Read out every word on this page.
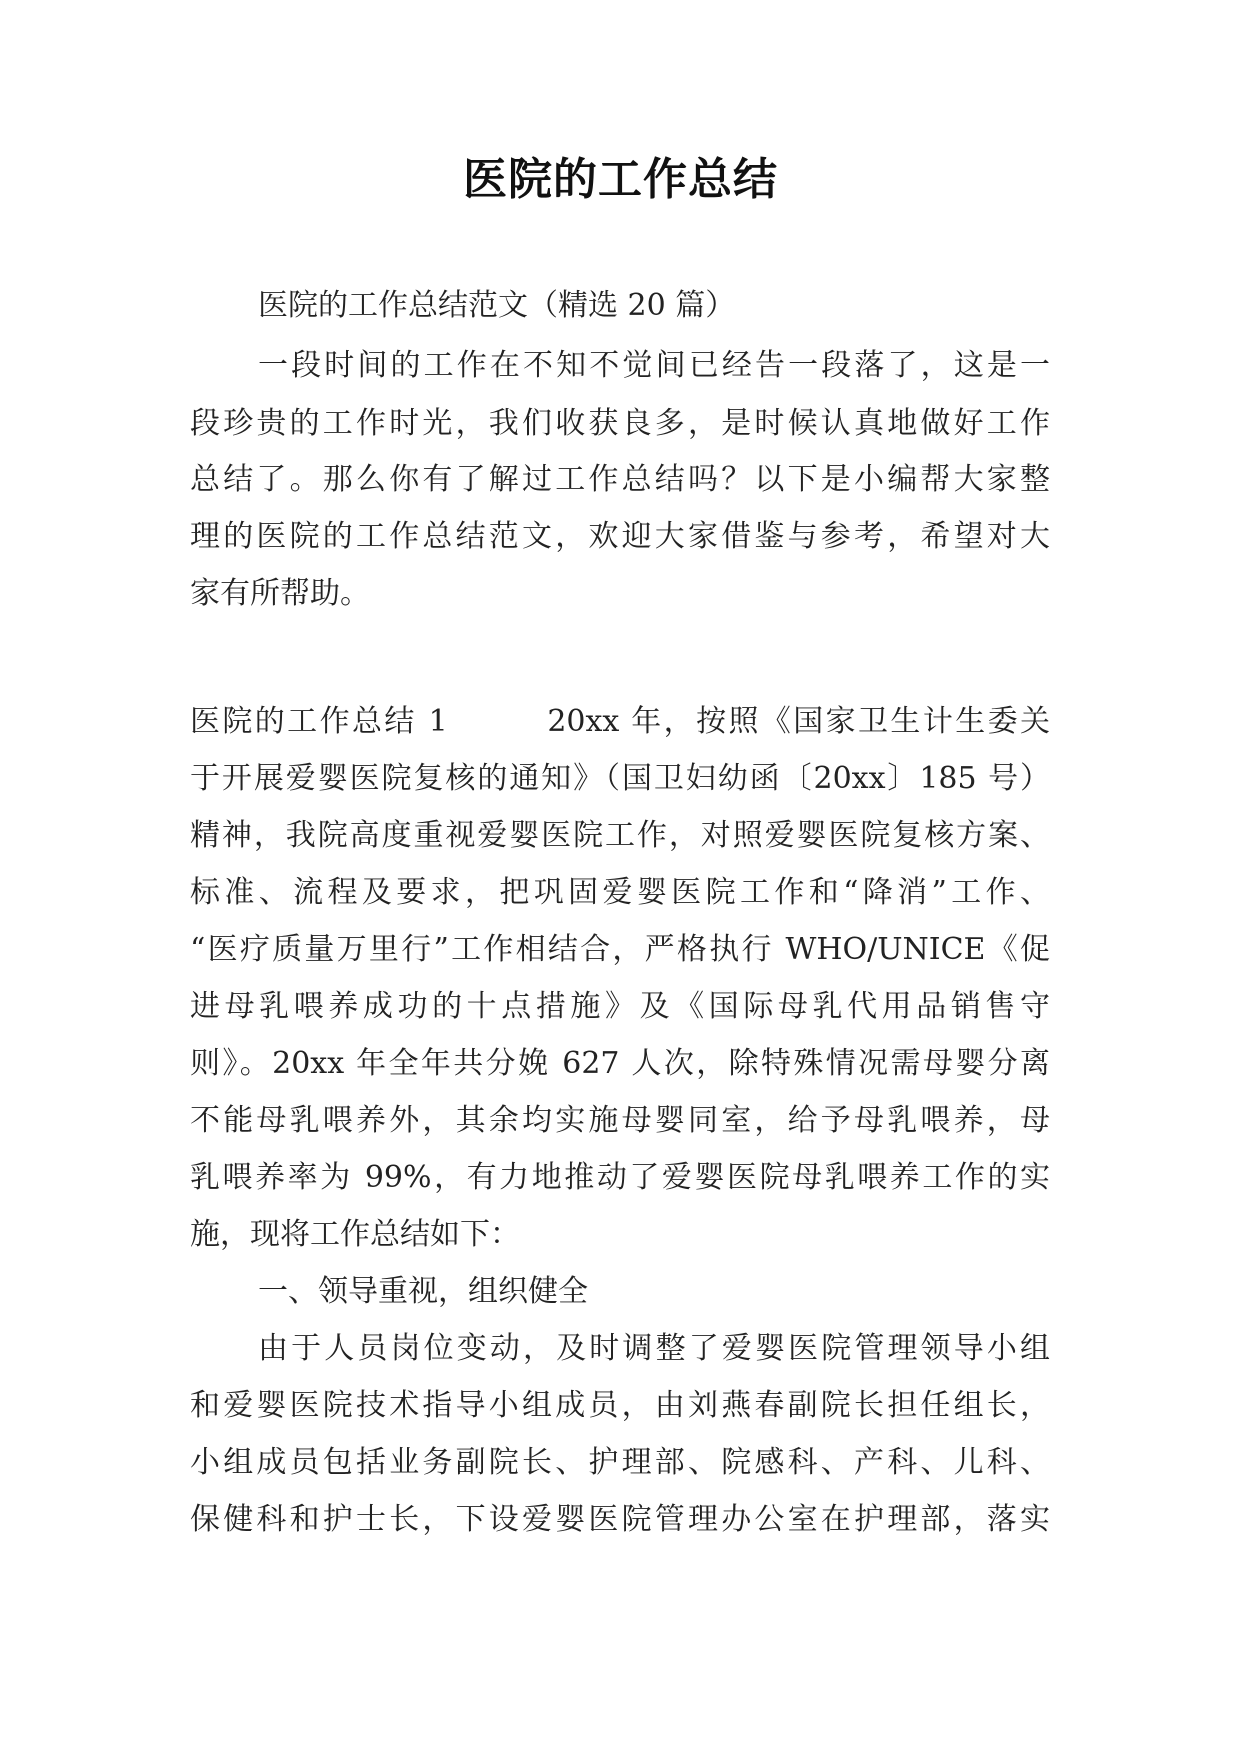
医院的工作总结
医院的工作总结范文（精选 20 篇）
一段时间的工作在不知不觉间已经告一段落了，这是一
段珍贵的工作时光，我们收获良多，是时候认真地做好工作
总结了。那么你有了解过工作总结吗？以下是小编帮大家整
理的医院的工作总结范文，欢迎大家借鉴与参考，希望对大
家有所帮助。
医院的工作总结 1　　　20xx 年，按照《国家卫生计生委关
于开展爱婴医院复核的通知》（国卫妇幼函〔20xx〕185 号）
精神，我院高度重视爱婴医院工作，对照爱婴医院复核方案、
标准、流程及要求，把巩固爱婴医院工作和“降消”工作、
“医疗质量万里行”工作相结合，严格执行 WHO/UNICE《促
进母乳喂养成功的十点措施》及《国际母乳代用品销售守
则》。20xx 年全年共分娩 627 人次，除特殊情况需母婴分离
不能母乳喂养外，其余均实施母婴同室，给予母乳喂养，母
乳喂养率为 99%，有力地推动了爱婴医院母乳喂养工作的实
施，现将工作总结如下：
一、领导重视，组织健全
由于人员岗位变动，及时调整了爱婴医院管理领导小组
和爱婴医院技术指导小组成员，由刘燕春副院长担任组长，
小组成员包括业务副院长、护理部、院感科、产科、儿科、
保健科和护士长，下设爱婴医院管理办公室在护理部，落实
